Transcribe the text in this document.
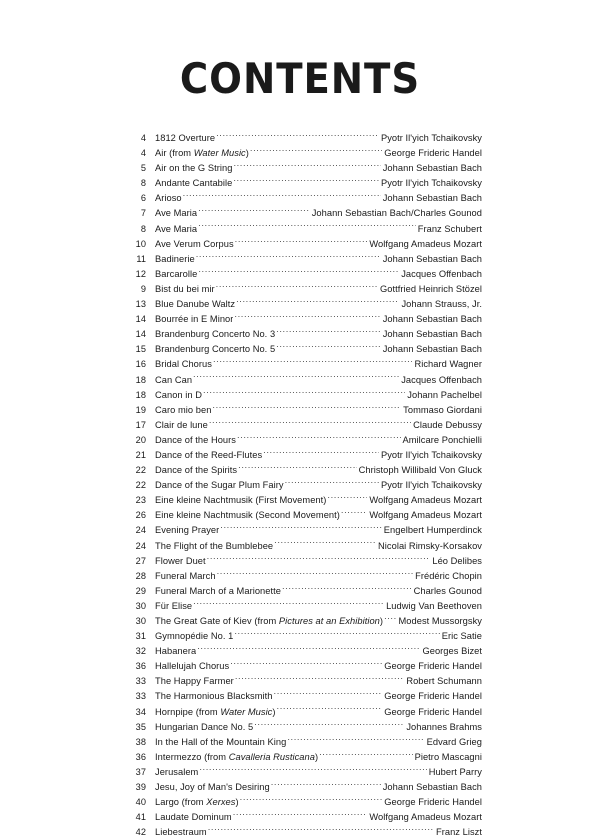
CONTENTS
4 1812 Overture .....	Pyotr Il'yich Tchaikovsky
4 Air (from Water Music) .....	George Frideric Handel
5 Air on the G String .....	Johann Sebastian Bach
8 Andante Cantabile .....	Pyotr Il'yich Tchaikovsky
6 Arioso .....	Johann Sebastian Bach
7 Ave Maria .....	Johann Sebastian Bach/Charles Gounod
8 Ave Maria .....	Franz Schubert
10 Ave Verum Corpus .....	Wolfgang Amadeus Mozart
11 Badinerie .....	Johann Sebastian Bach
12 Barcarolle .....	Jacques Offenbach
9 Bist du bei mir .....	Gottfried Heinrich Stözel
13 Blue Danube Waltz .....	Johann Strauss, Jr.
14 Bourrée in E Minor .....	Johann Sebastian Bach
14 Brandenburg Concerto No. 3 .....	Johann Sebastian Bach
15 Brandenburg Concerto No. 5 .....	Johann Sebastian Bach
16 Bridal Chorus .....	Richard Wagner
18 Can Can .....	Jacques Offenbach
18 Canon in D .....	Johann Pachelbel
19 Caro mio ben .....	Tommaso Giordani
17 Clair de lune .....	Claude Debussy
20 Dance of the Hours .....	Amilcare Ponchielli
21 Dance of the Reed-Flutes .....	Pyotr Il'yich Tchaikovsky
22 Dance of the Spirits .....	Christoph Willibald Von Gluck
22 Dance of the Sugar Plum Fairy .....	Pyotr Il'yich Tchaikovsky
23 Eine kleine Nachtmusik (First Movement) .....	Wolfgang Amadeus Mozart
26 Eine kleine Nachtmusik (Second Movement) .....	Wolfgang Amadeus Mozart
24 Evening Prayer .....	Engelbert Humperdinck
24 The Flight of the Bumblebee .....	Nicolai Rimsky-Korsakov
27 Flower Duet .....	Léo Delibes
28 Funeral March .....	Frédéric Chopin
29 Funeral March of a Marionette .....	Charles Gounod
30 Für Elise .....	Ludwig Van Beethoven
30 The Great Gate of Kiev (from Pictures at an Exhibition) ..... Modest Mussorgsky
31 Gymnopédie No. 1 .....	Eric Satie
32 Habanera .....	Georges Bizet
36 Hallelujah Chorus .....	George Frideric Handel
33 The Happy Farmer .....	Robert Schumann
33 The Harmonious Blacksmith .....	George Frideric Handel
34 Hornpipe (from Water Music) .....	George Frideric Handel
35 Hungarian Dance No. 5 .....	Johannes Brahms
38 In the Hall of the Mountain King .....	Edvard Grieg
36 Intermezzo (from Cavalleria Rusticana) .....	Pietro Mascagni
37 Jerusalem .....	Hubert Parry
39 Jesu, Joy of Man's Desiring .....	Johann Sebastian Bach
40 Largo (from Xerxes) .....	George Frideric Handel
41 Laudate Dominum .....	Wolfgang Amadeus Mozart
42 Liebestraum .....	Franz Liszt
